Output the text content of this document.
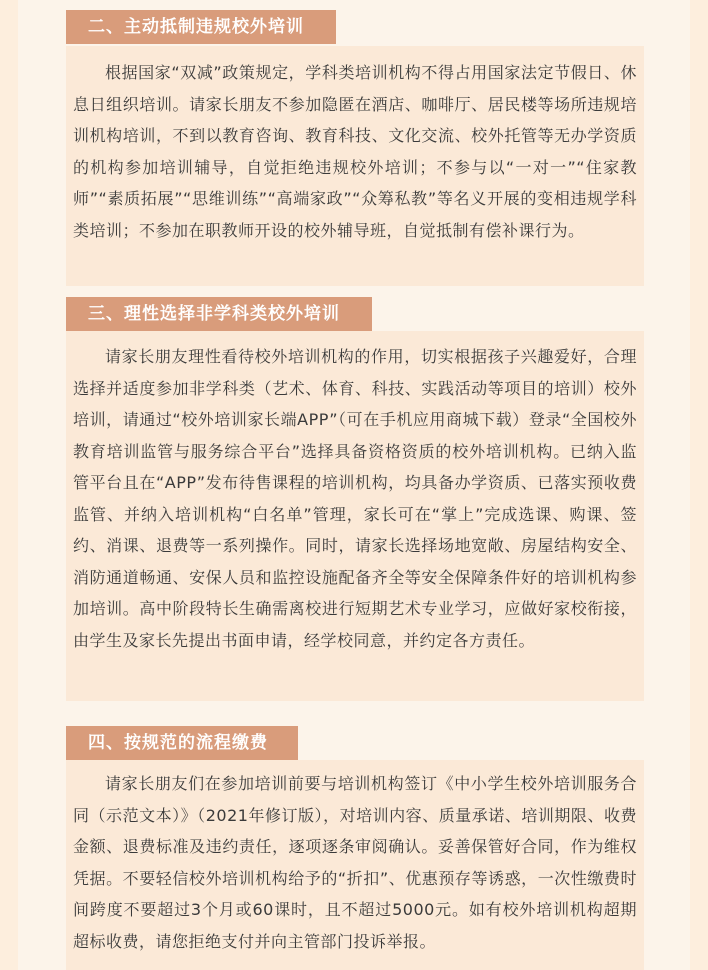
二、主动抵制违规校外培训

根据国家“双减”政策规定，学科类培训机构不得占用国家法定节假日、休息日组织培训。请家长朋友不参加隐匿在酒店、咖啡厅、居民楼等场所违规培训机构培训，不到以教育咨询、教育科技、文化交流、校外托管等无办学资质的机构参加培训辅导，自觉拒绝违规校外培训；不参与以“一对一”“住家教师”“素质拓展”“思维训练”“高端家政”“众筹私教”等名义开展的变相违规学科类培训；不参加在职教师开设的校外辅导班，自觉抵制有偿补课行为。

三、理性选择非学科类校外培训

请家长朋友理性看待校外培训机构的作用，切实根据孩子兴趣爱好，合理选择并适度参加非学科类（艺术、体育、科技、实践活动等项目的培训）校外培训，请通过“校外培训家长端APP”（可在手机应用商城下载）登录“全国校外教育培训监管与服务综合平台”选择具备资格资质的校外培训机构。已纳入监管平台且在“APP”发布待售课程的培训机构，均具备办学资质、已落实预收费监管、并纳入培训机构“白名单”管理，家长可在“掌上”完成选课、购课、签约、消课、退费等一系列操作。同时，请家长选择场地宽敞、房屋结构安全、消防通道畅通、安保人员和监控设施配备齐全等安全保障条件好的培训机构参加培训。高中阶段特长生确需离校进行短期艺术专业学习，应做好家校衔接，由学生及家长先提出书面申请，经学校同意，并约定各方责任。

四、按规范的流程缴费

请家长朋友们在参加培训前要与培训机构签订《中小学生校外培训服务合同（示范文本）》（2021年修订版），对培训内容、质量承诺、培训期限、收费金额、退费标准及违约责任，逐项逐条审阅确认。妥善保管好合同，作为维权凭据。不要轻信校外培训机构给予的“折扣”、优惠预存等诱惑，一次性缴费时间跨度不要超过3个月或60课时，且不超过5000元。如有校外培训机构超期超标收费，请您拒绝支付并向主管部门投诉举报。
